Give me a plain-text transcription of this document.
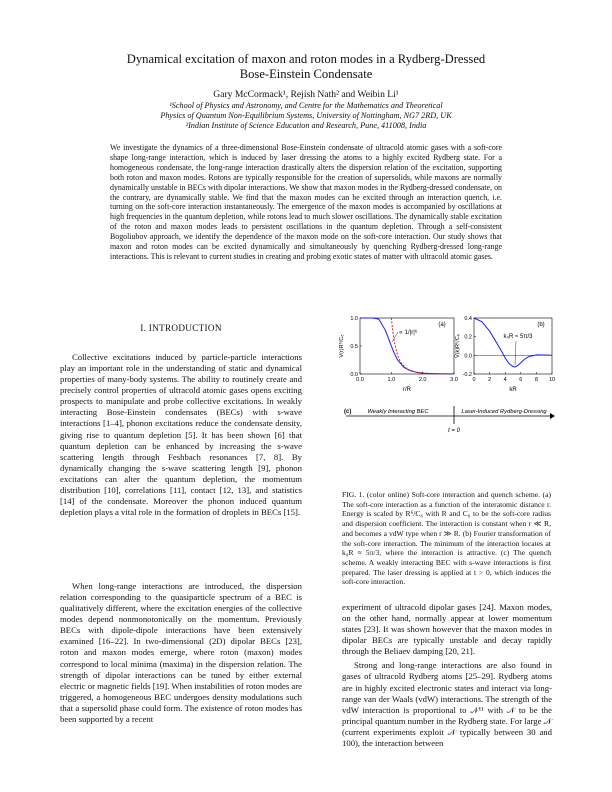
Dynamical excitation of maxon and roton modes in a Rydberg-Dressed
Bose-Einstein Condensate
Gary McCormack¹, Rejish Nath² and Weibin Li¹

¹School of Physics and Astronomy, and Centre for the Mathematics and Theoretical

Physics of Quantum Non-Equilibrium Systems, University of Nottingham, NG7 2RD, UK

²Indian Institute of Science Education and Research, Pune, 411008, India

We investigate the dynamics of a three-dimensional Bose-Einstein condensate of ultracold atomic gases with a soft-core shape long-range interaction, which is induced by laser dressing the atoms to a highly excited Rydberg state. For a homogeneous condensate, the long-range interaction drastically alters the dispersion relation of the excitation, supporting both roton and maxon modes. Rotons are typically responsible for the creation of supersolids, while maxons are normally dynamically unstable in BECs with dipolar interactions. We show that maxon modes in the Rydberg-dressed condensate, on the contrary, are dynamically stable. We find that the maxon modes can be excited through an interaction quench, i.e. turning on the soft-core interaction instantaneously. The emergence of the maxon modes is accompanied by oscillations at high frequencies in the quantum depletion, while rotons lead to much slower oscillations. The dynamically stable excitation of the roton and maxon modes leads to persistent oscillations in the quantum depletion. Through a self-consistent Bogoliubov approach, we identify the dependence of the maxon mode on the soft-core interaction. Our study shows that maxon and roton modes can be excited dynamically and simultaneously by quenching Rydberg-dressed long-range interactions. This is relevant to current studies in creating and probing exotic states of matter with ultracold atomic gases.
I. INTRODUCTION

Collective excitations induced by particle-particle interactions play an important role in the understanding of static and dynamical properties of many-body systems. The ability to routinely create and precisely control properties of ultracold atomic gases opens exciting prospects to manipulate and probe collective excitations. In weakly interacting Bose-Einstein condensates (BECs) with s-wave interactions [1–4], phonon excitations reduce the condensate density, giving rise to quantum depletion [5]. It has been shown [6] that quantum depletion can be enhanced by increasing the s-wave scattering length through Feshbach resonances [7, 8]. By dynamically changing the s-wave scattering length [9], phonon excitations can alter the quantum depletion, the momentum distribution [10], correlations [11], contact [12, 13], and statistics [14] of the condensate. Moreover the phonon induced quantum depletion plays a vital role in the formation of droplets in BECs [15].

When long-range interactions are introduced, the dispersion relation corresponding to the quasiparticle spectrum of a BEC is qualitatively different, where the excitation energies of the collective modes depend nonmonotonically on the momentum. Previously BECs with dipole-dipole interactions have been extensively examined [16–22]. In two-dimensional (2D) dipolar BECs [23], roton and maxon modes emerge, where roton (maxon) modes correspond to local minima (maxima) in the dispersion relation. The strength of dipolar interactions can be tuned by either external electric or magnetic fields [19]. When instabilities of roton modes are triggered, a homogeneous BEC undergoes density modulations such that a supersolid phase could form. The existence of roton modes has been supported by a recent

(a)
∝ 1/|r|⁶
r/R
V(r)R⁶/C₆
0.0	1.0	2.0	3.0
0.0
0.5
1.0
(b)
k₀R ≈ 5π/3
kR
Ṽ(k)R⁶/C₆
0 2 4 6 8 10
-0.2
0.0
0.2
0.4
(c)	Weakly Interacting BEC	Laser-Induced Rydberg-Dressing
t = 0
FIG. 1. (color online) Soft-core interaction and quench scheme. (a) The soft-core interaction as a function of the interatomic distance r. Energy is scaled by R⁶/C₆ with R and C₆ to be the soft-core radius and dispersion coefficient. The interaction is constant when r ≪ R, and becomes a vdW type when r ≫ R. (b) Fourier transformation of the soft-core interaction. The minimum of the interaction locates at k₀R ≈ 5π/3, where the interaction is attractive. (c) The quench scheme. A weakly interacting BEC with s-wave interactions is first prepared. The laser dressing is applied at t > 0, which induces the soft-core interaction.

experiment of ultracold dipolar gases [24]. Maxon modes, on the other hand, normally appear at lower momentum states [23]. It was shown however that the maxon modes in dipolar BECs are typically unstable and decay rapidly through the Beliaev damping [20, 21].

Strong and long-range interactions are also found in gases of ultracold Rydberg atoms [25–29]. Rydberg atoms are in highly excited electronic states and interact via long-range van der Waals (vdW) interactions. The strength of the vdW interaction is proportional to 𝒩¹¹ with 𝒩 to be the principal quantum number in the Rydberg state. For large 𝒩 (current experiments exploit 𝒩 typically between 30 and 100), the interaction between
